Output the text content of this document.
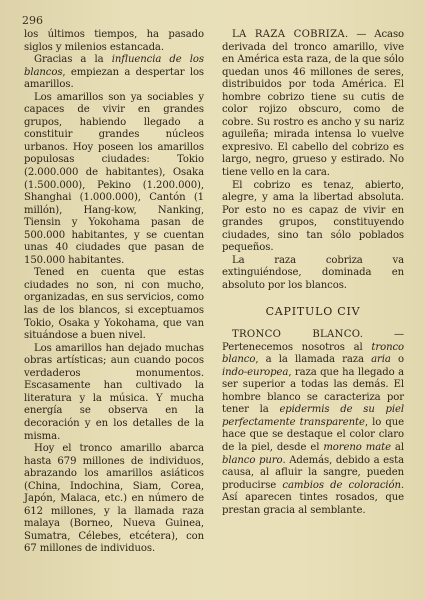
296

los últimos tiempos, ha pasado siglos y milenios estancada.

Gracias a la influencia de los blancos, empiezan a despertar los amarillos.

Los amarillos son ya sociables y capaces de vivir en grandes grupos, habiendo llegado a constituir grandes núcleos urbanos. Hoy poseen los amarillos populosas ciudades: Tokio (2.000.000 de habitantes), Osaka (1.500.000), Pekino (1.200.000), Shanghai (1.000.000), Cantón (1 millón), Hang-kow, Nanking, Tiensin y Yokohama pasan de 500.000 habitantes, y se cuentan unas 40 ciudades que pasan de 150.000 habitantes.

Tened en cuenta que estas ciudades no son, ni con mucho, organizadas, en sus servicios, como las de los blancos, si exceptuamos Tokio, Osaka y Yokohama, que van situándose a buen nivel.

Los amarillos han dejado muchas obras artísticas; aun cuando pocos verdaderos monumentos. Escasamente han cultivado la literatura y la música. Y mucha energía se observa en la decoración y en los detalles de la misma.

Hoy el tronco amarillo abarca hasta 679 millones de individuos, abrazando los amarillos asiáticos (China, Indochina, Siam, Corea, Japón, Malaca, etc.) en número de 612 millones, y la llamada raza malaya (Borneo, Nueva Guinea, Sumatra, Célebes, etcétera), con 67 millones de individuos.

LA RAZA COBRIZA. — Acaso derivada del tronco amarillo, vive en América esta raza, de la que sólo quedan unos 46 millones de seres, distribuidos por toda América. El hombre cobrizo tiene su cutis de color rojizo obscuro, como de cobre. Su rostro es ancho y su nariz aguileña; mirada intensa lo vuelve expresivo. El cabello del cobrizo es largo, negro, grueso y estirado. No tiene vello en la cara.

El cobrizo es tenaz, abierto, alegre, y ama la libertad absoluta. Por esto no es capaz de vivir en grandes grupos, constituyendo ciudades, sino tan sólo poblados pequeños.

La raza cobriza va extinguiéndose, dominada en absoluto por los blancos.

CAPITULO CIV

TRONCO BLANCO. — Pertenecemos nosotros al tronco blanco, a la llamada raza aria o indo-europea, raza que ha llegado a ser superior a todas las demás. El hombre blanco se caracteriza por tener la epidermis de su piel perfectamente transparente, lo que hace que se destaque el color claro de la piel, desde el moreno mate al blanco puro. Además, debido a esta causa, al afluir la sangre, pueden producirse cambios de coloración. Así aparecen tintes rosados, que prestan gracia al semblante.
